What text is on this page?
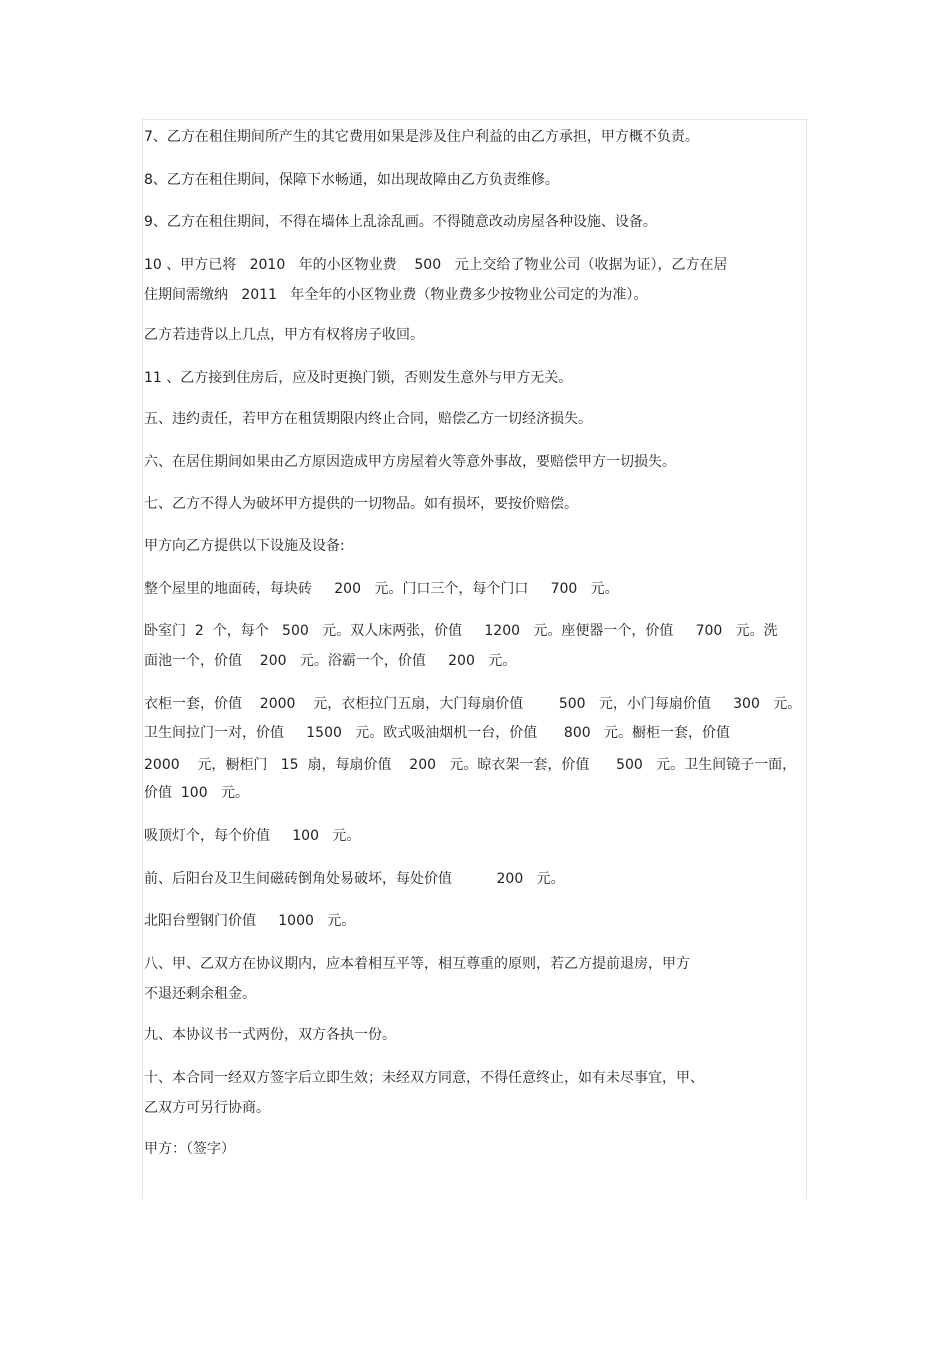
7、乙方在租住期间所产生的其它费用如果是涉及住户利益的由乙方承担，甲方概不负责。
8、乙方在租住期间，保障下水畅通，如出现故障由乙方负责维修。
9、乙方在租住期间，不得在墙体上乱涂乱画。不得随意改动房屋各种设施、设备。
10 、甲方已将   2010   年的小区物业费    500   元上交给了物业公司（收据为证），乙方在居
住期间需缴纳   2011   年全年的小区物业费（物业费多少按物业公司定的为准）。
乙方若违背以上几点，甲方有权将房子收回。
11 、乙方接到住房后，应及时更换门锁，否则发生意外与甲方无关。
五、违约责任，若甲方在租赁期限内终止合同，赔偿乙方一切经济损失。
六、在居住期间如果由乙方原因造成甲方房屋着火等意外事故，要赔偿甲方一切损失。
七、乙方不得人为破坏甲方提供的一切物品。如有损坏，要按价赔偿。
甲方向乙方提供以下设施及设备:
整个屋里的地面砖，每块砖     200   元。门口三个，每个门口     700   元。
卧室门  2  个，每个   500   元。双人床两张，价值     1200   元。座便器一个，价值     700   元。洗
面池一个，价值    200   元。浴霸一个，价值     200   元。
衣柜一套，价值    2000    元，衣柜拉门五扇，大门每扇价值        500   元，小门每扇价值     300   元。
卫生间拉门一对，价值     1500   元。欧式吸油烟机一台，价值      800   元。橱柜一套，价值
2000    元，橱柜门   15  扇，每扇价值    200   元。晾衣架一套，价值      500   元。卫生间镜子一面，
价值  100   元。
吸顶灯个，每个价值     100   元。
前、后阳台及卫生间磁砖倒角处易破坏，每处价值          200   元。
北阳台塑钢门价值     1000   元。
八、甲、乙双方在协议期内，应本着相互平等，相互尊重的原则，若乙方提前退房，甲方
不退还剩余租金。
九、本协议书一式两份，双方各执一份。
十、本合同一经双方签字后立即生效；未经双方同意，不得任意终止，如有未尽事宜，甲、
乙双方可另行协商。
甲方：（签字）
